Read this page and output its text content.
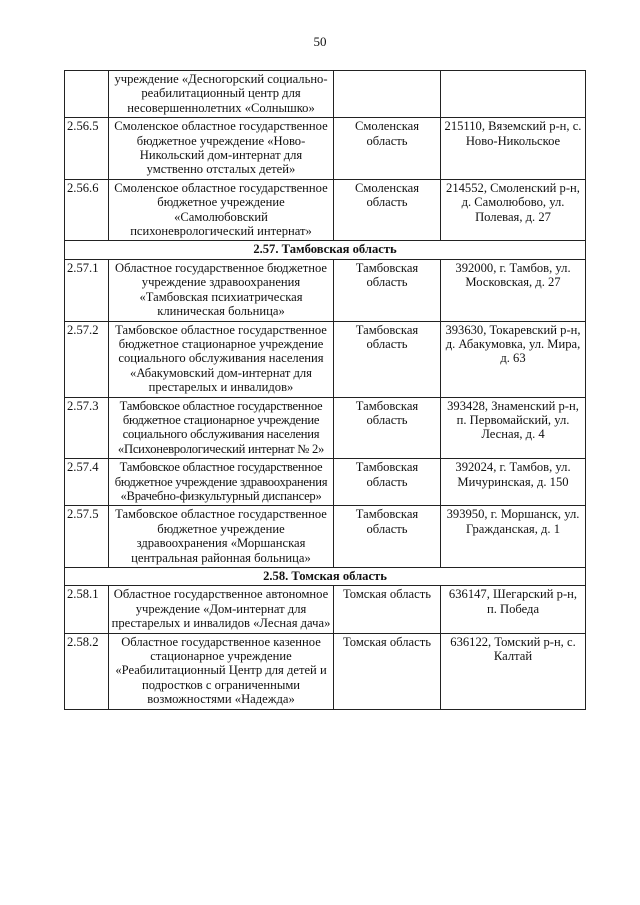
50
	учреждение «Десногорский социально-реабилитационный центр для несовершеннолетних «Солнышко»		
2.56.5	Смоленское областное государственное бюджетное учреждение «Ново-Никольский дом-интернат для умственно отсталых детей»	Смоленская область	215110, Вяземский р-н, с. Ново-Никольское
2.56.6	Смоленское областное государственное бюджетное учреждение «Самолюбовский психоневрологический интернат»	Смоленская область	214552, Смоленский р-н, д. Самолюбово, ул. Полевая, д. 27
2.57. Тамбовская область			
2.57.1	Областное государственное бюджетное учреждение здравоохранения «Тамбовская психиатрическая клиническая больница»	Тамбовская область	392000, г. Тамбов, ул. Московская, д. 27
2.57.2	Тамбовское областное государственное бюджетное стационарное учреждение социального обслуживания населения «Абакумовский дом-интернат для престарелых и инвалидов»	Тамбовская область	393630, Токаревский р-н, д. Абакумовка, ул. Мира, д. 63
2.57.3	Тамбовское областное государственное бюджетное стационарное учреждение социального обслуживания населения «Психоневрологический интернат № 2»	Тамбовская область	393428, Знаменский р-н, п. Первомайский, ул. Лесная, д. 4
2.57.4	Тамбовское областное государственное бюджетное учреждение здравоохранения «Врачебно-физкультурный диспансер»	Тамбовская область	392024, г. Тамбов, ул. Мичуринская, д. 150
2.57.5	Тамбовское областное государственное бюджетное учреждение здравоохранения «Моршанская центральная районная больница»	Тамбовская область	393950, г. Моршанск, ул. Гражданская, д. 1
2.58. Томская область			
2.58.1	Областное государственное автономное учреждение «Дом-интернат для престарелых и инвалидов «Лесная дача»	Томская область	636147, Шегарский р-н, п. Победа
2.58.2	Областное государственное казенное стационарное учреждение «Реабилитационный Центр для детей и подростков с ограниченными возможностями «Надежда»	Томская область	636122, Томский р-н, с. Калтай
